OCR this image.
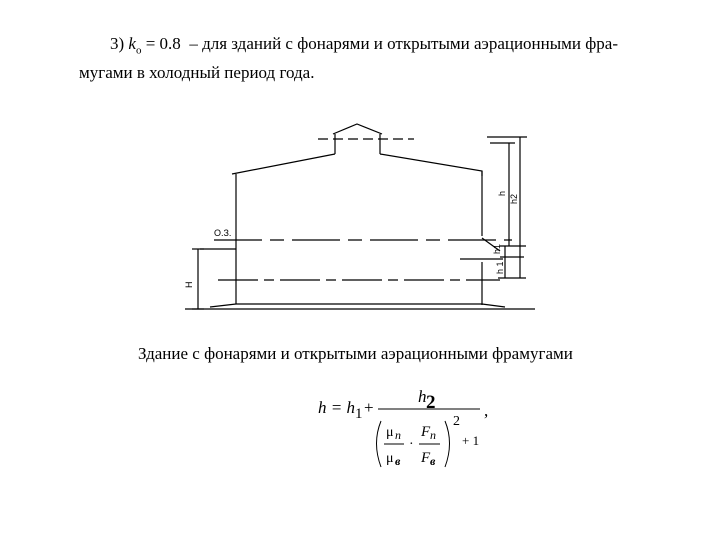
3) $k_o = 0.8$ – для зданий с фонарями и открытыми аэрационными фра-
мугами в холодный период года.
О.З.
H
h
h2
h1
h 1
Здание с фонарями и открытыми аэрационными фрамугами
h = h 1 +
h 2	,
μ n
·
F n
μ в F в
2
+ 1
